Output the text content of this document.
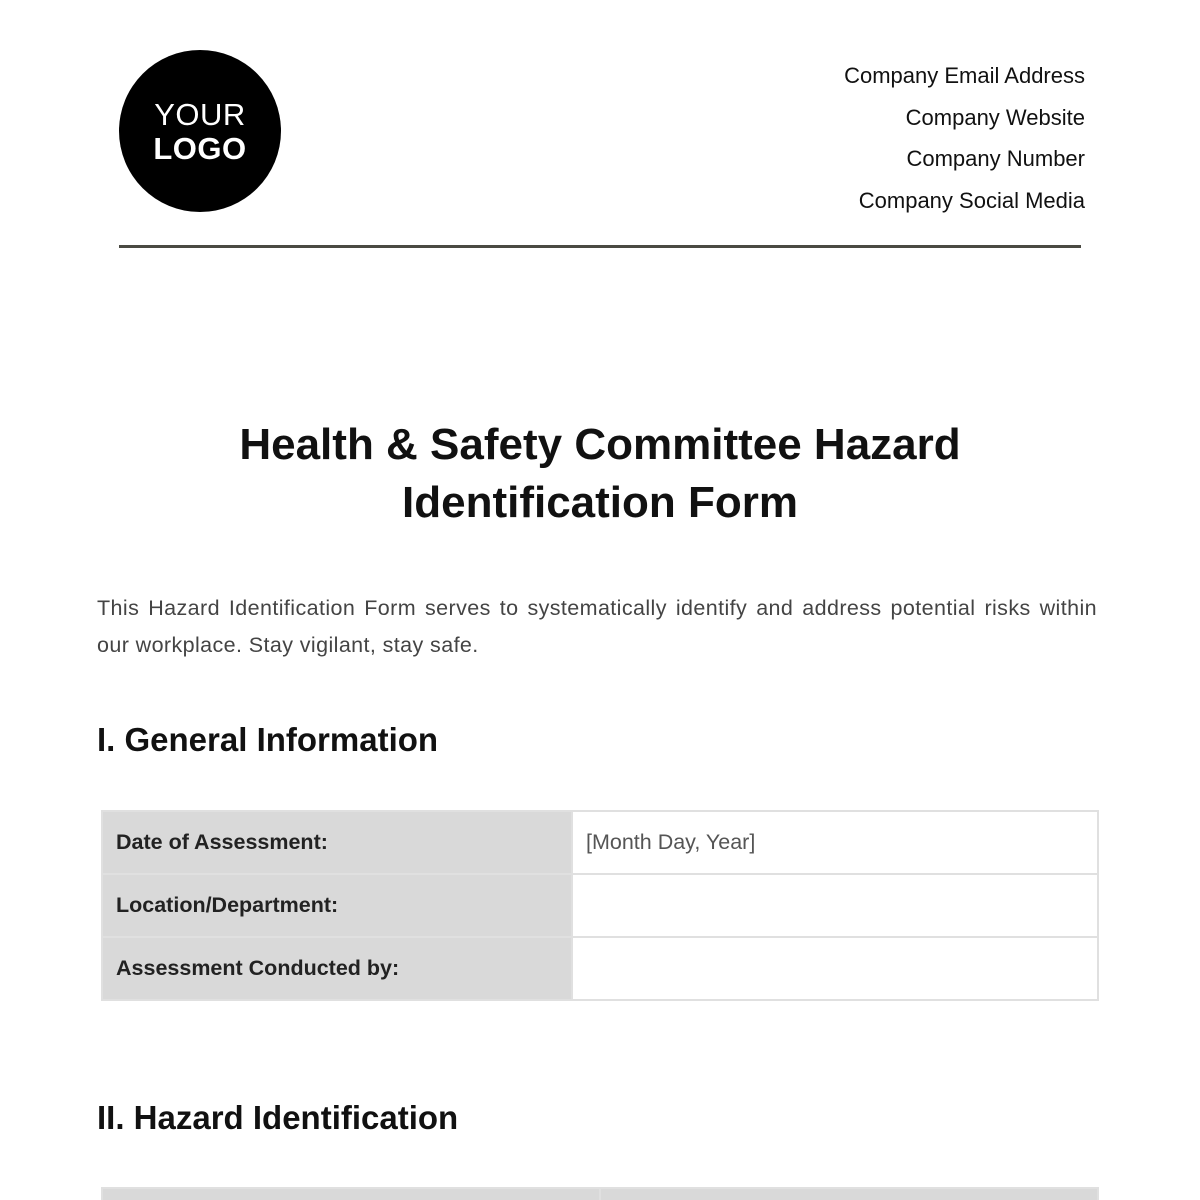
YOUR
LOGO
Company Email Address
Company Website
Company Number
Company Social Media
Health & Safety Committee Hazard Identification Form

This Hazard Identification Form serves to systematically identify and address potential risks within our workplace. Stay vigilant, stay safe.

I. General Information
Date of Assessment:	[Month Day, Year]
Location/Department:	
Assessment Conducted by:	
II. Hazard Identification
